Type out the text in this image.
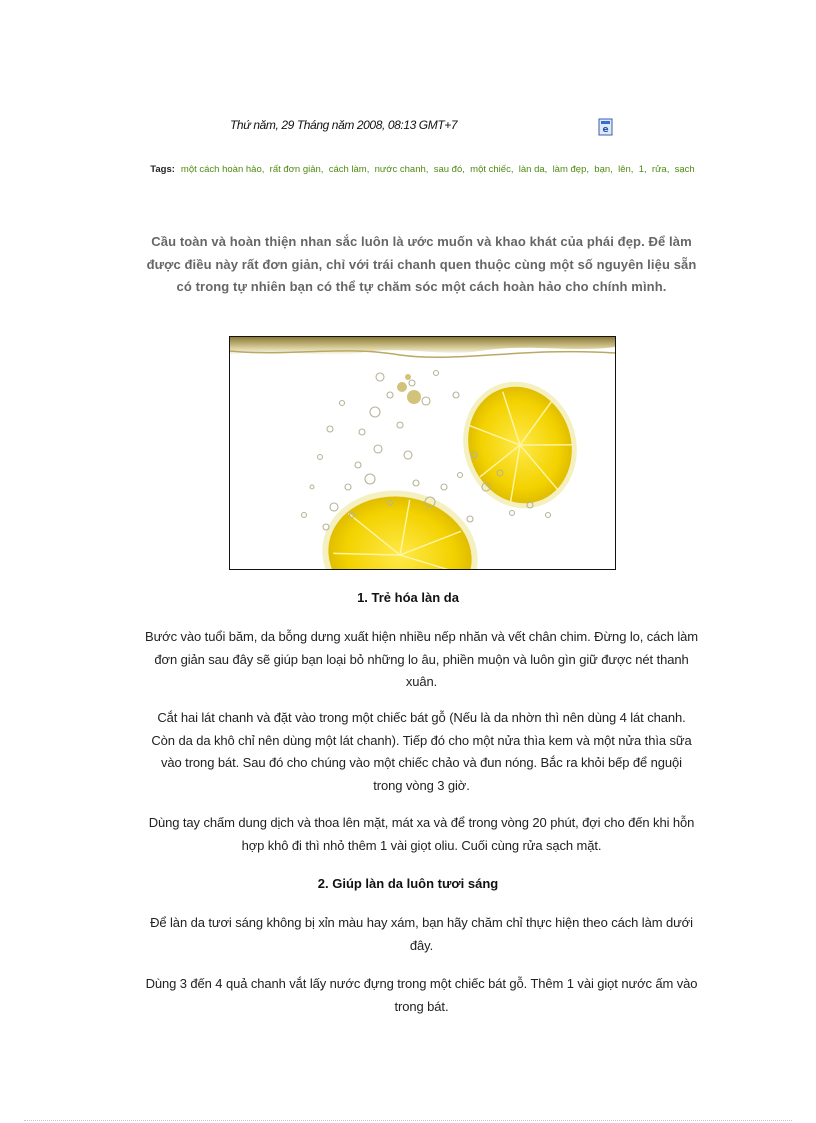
Thứ năm, 29 Tháng năm 2008, 08:13 GMT+7	e
Tags: một cách hoàn hảo,  rất đơn giản,  cách làm,  nước chanh,  sau đó,  một chiếc,  làn da,  làm đẹp,  bạn,  lên,  1,  rửa,  sạch
Cầu toàn và hoàn thiện nhan sắc luôn là ước muốn và khao khát của phái đẹp. Để làm được điều này rất đơn giản, chỉ với trái chanh quen thuộc cùng một số nguyên liệu sẵn có trong tự nhiên bạn có thể tự chăm sóc một cách hoàn hảo cho chính mình.
1. Trẻ hóa làn da
Bước vào tuổi băm, da bỗng dưng xuất hiện nhiều nếp nhăn và vết chân chim. Đừng lo, cách làm đơn giản sau đây sẽ giúp bạn loại bỏ những lo âu, phiền muộn và luôn gìn giữ được nét thanh xuân.
Cắt hai lát chanh và đặt vào trong một chiếc bát gỗ (Nếu là da nhờn thì nên dùng 4 lát chanh. Còn da da khô chỉ nên dùng một lát chanh). Tiếp đó cho một nửa thìa kem và một nửa thìa sữa vào trong bát. Sau đó cho chúng vào một chiếc chảo và đun nóng. Bắc ra khỏi bếp để nguội trong vòng 3 giờ.
Dùng tay chấm dung dịch và thoa lên mặt, mát xa và để trong vòng 20 phút, đợi cho đến khi hỗn hợp khô đi thì nhỏ thêm 1 vài giọt oliu. Cuối cùng rửa sạch mặt.
2. Giúp làn da luôn tươi sáng
Để làn da tươi sáng không bị xỉn màu hay xám, bạn hãy chăm chỉ thực hiện theo cách làm dưới đây.
Dùng 3 đến 4 quả chanh vắt lấy nước đựng trong một chiếc bát gỗ. Thêm 1 vài giọt nước ấm vào trong bát.
